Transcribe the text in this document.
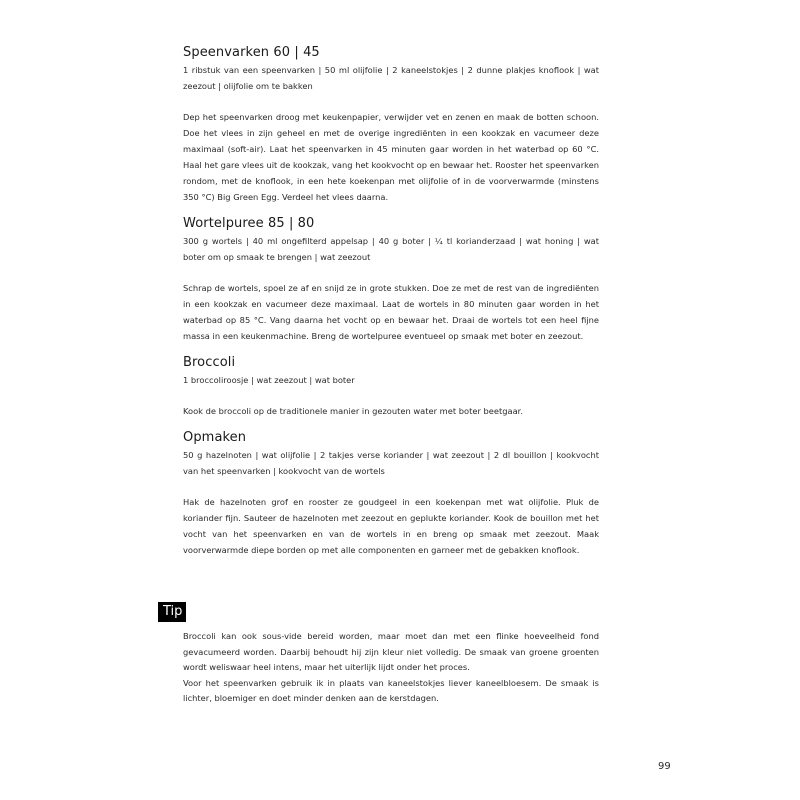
Speenvarken 60 | 45

1 ribstuk van een speenvarken | 50 ml olijfolie | 2 kaneelstokjes | 2 dunne plakjes knoflook | wat zeezout | olijfolie om te bakken

Dep het speenvarken droog met keukenpapier, verwijder vet en zenen en maak de botten schoon. Doe het vlees in zijn geheel en met de overige ingrediënten in een kookzak en vacumeer deze maximaal (soft-air). Laat het speenvarken in 45 minuten gaar worden in het waterbad op 60 °C. Haal het gare vlees uit de kookzak, vang het kookvocht op en bewaar het. Rooster het speenvarken rondom, met de knoflook, in een hete koekenpan met olijfolie of in de voorverwarmde (minstens 350 °C) Big Green Egg. Verdeel het vlees daarna.

Wortelpuree 85 | 80

300 g wortels | 40 ml ongefilterd appelsap | 40 g boter | ¼ tl korianderzaad | wat honing | wat boter om op smaak te brengen | wat zeezout

Schrap de wortels, spoel ze af en snijd ze in grote stukken. Doe ze met de rest van de ingrediënten in een kookzak en vacumeer deze maximaal. Laat de wortels in 80 minuten gaar worden in het waterbad op 85 °C. Vang daarna het vocht op en bewaar het. Draai de wortels tot een heel fijne massa in een keukenmachine. Breng de wortelpuree eventueel op smaak met boter en zeezout.

Broccoli

1 broccoliroosje | wat zeezout | wat boter

Kook de broccoli op de traditionele manier in gezouten water met boter beetgaar.

Opmaken

50 g hazelnoten | wat olijfolie | 2 takjes verse koriander | wat zeezout | 2 dl bouillon | kookvocht van het speenvarken | kookvocht van de wortels

Hak de hazelnoten grof en rooster ze goudgeel in een koekenpan met wat olijfolie. Pluk de koriander fijn. Sauteer de hazelnoten met zeezout en geplukte koriander. Kook de bouillon met het vocht van het speenvarken en van de wortels in en breng op smaak met zeezout. Maak voorverwarmde diepe borden op met alle componenten en garneer met de gebakken knoflook.

Tip

Broccoli kan ook sous-vide bereid worden, maar moet dan met een flinke hoeveelheid fond gevacumeerd worden. Daarbij behoudt hij zijn kleur niet volledig. De smaak van groene groenten wordt weliswaar heel intens, maar het uiterlijk lijdt onder het proces.

Voor het speenvarken gebruik ik in plaats van kaneelstokjes liever kaneelbloesem. De smaak is lichter, bloemiger en doet minder denken aan de kerstdagen.

99
